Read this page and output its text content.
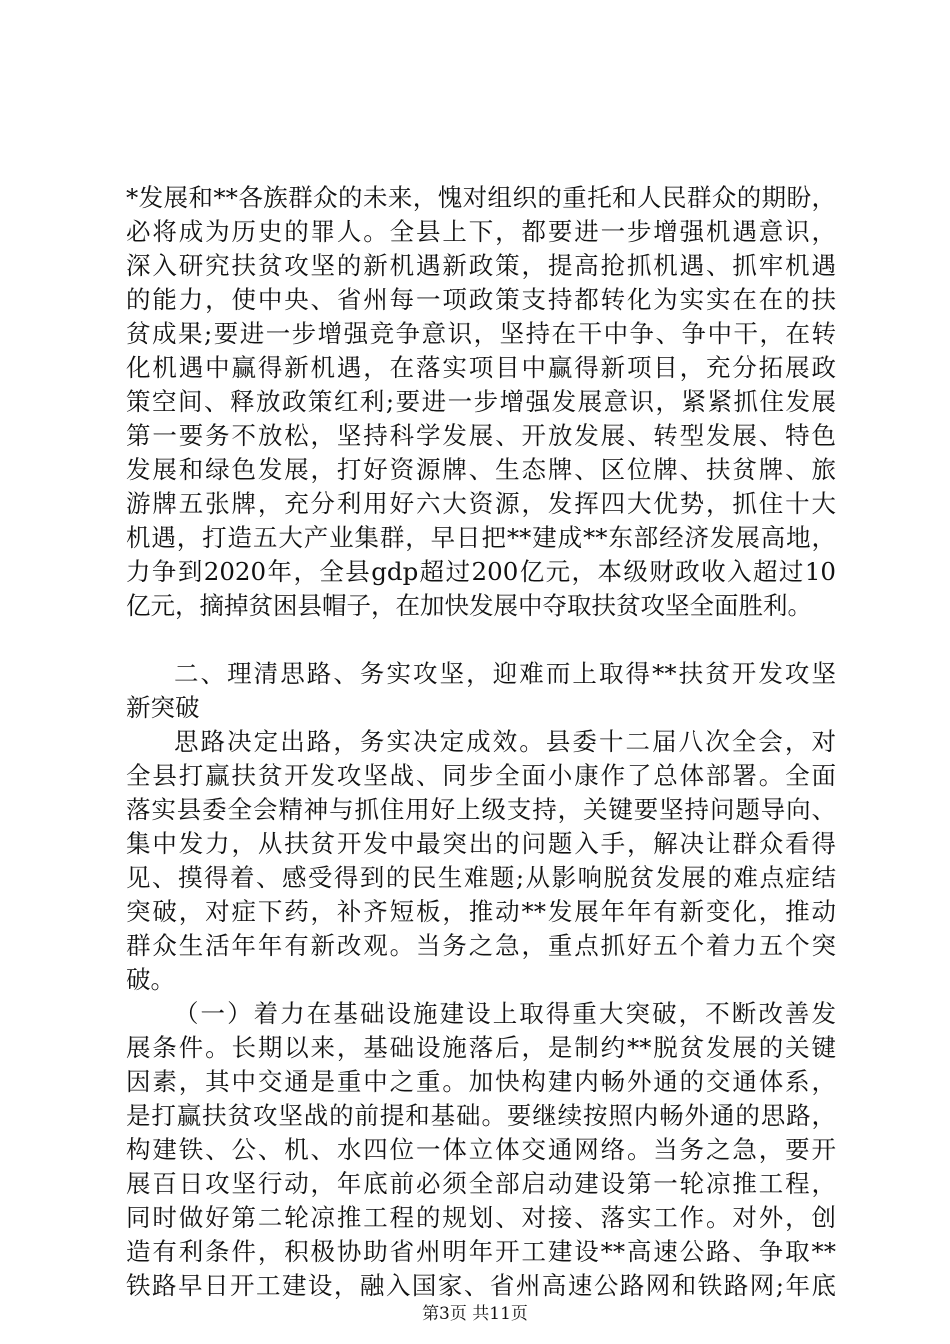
*发展和**各族群众的未来，愧对组织的重托和人民群众的期盼，
必将成为历史的罪人。全县上下，都要进一步增强机遇意识，
深入研究扶贫攻坚的新机遇新政策，提高抢抓机遇、抓牢机遇
的能力，使中央、省州每一项政策支持都转化为实实在在的扶
贫成果;要进一步增强竞争意识，坚持在干中争、争中干，在转
化机遇中赢得新机遇，在落实项目中赢得新项目，充分拓展政
策空间、释放政策红利;要进一步增强发展意识，紧紧抓住发展
第一要务不放松，坚持科学发展、开放发展、转型发展、特色
发展和绿色发展，打好资源牌、生态牌、区位牌、扶贫牌、旅
游牌五张牌，充分利用好六大资源，发挥四大优势，抓住十大
机遇，打造五大产业集群，早日把**建成**东部经济发展高地，
力争到2020年，全县gdp超过200亿元，本级财政收入超过10
亿元，摘掉贫困县帽子，在加快发展中夺取扶贫攻坚全面胜利。
二、理清思路、务实攻坚，迎难而上取得**扶贫开发攻坚
新突破
思路决定出路，务实决定成效。县委十二届八次全会，对
全县打赢扶贫开发攻坚战、同步全面小康作了总体部署。全面
落实县委全会精神与抓住用好上级支持，关键要坚持问题导向、
集中发力，从扶贫开发中最突出的问题入手，解决让群众看得
见、摸得着、感受得到的民生难题;从影响脱贫发展的难点症结
突破，对症下药，补齐短板，推动**发展年年有新变化，推动
群众生活年年有新改观。当务之急，重点抓好五个着力五个突
破。
（一）着力在基础设施建设上取得重大突破，不断改善发
展条件。长期以来，基础设施落后，是制约**脱贫发展的关键
因素，其中交通是重中之重。加快构建内畅外通的交通体系，
是打赢扶贫攻坚战的前提和基础。要继续按照内畅外通的思路，
构建铁、公、机、水四位一体立体交通网络。当务之急，要开
展百日攻坚行动，年底前必须全部启动建设第一轮凉推工程，
同时做好第二轮凉推工程的规划、对接、落实工作。对外，创
造有利条件，积极协助省州明年开工建设**高速公路、争取**
铁路早日开工建设，融入国家、省州高速公路网和铁路网;年底
第3页 共11页
